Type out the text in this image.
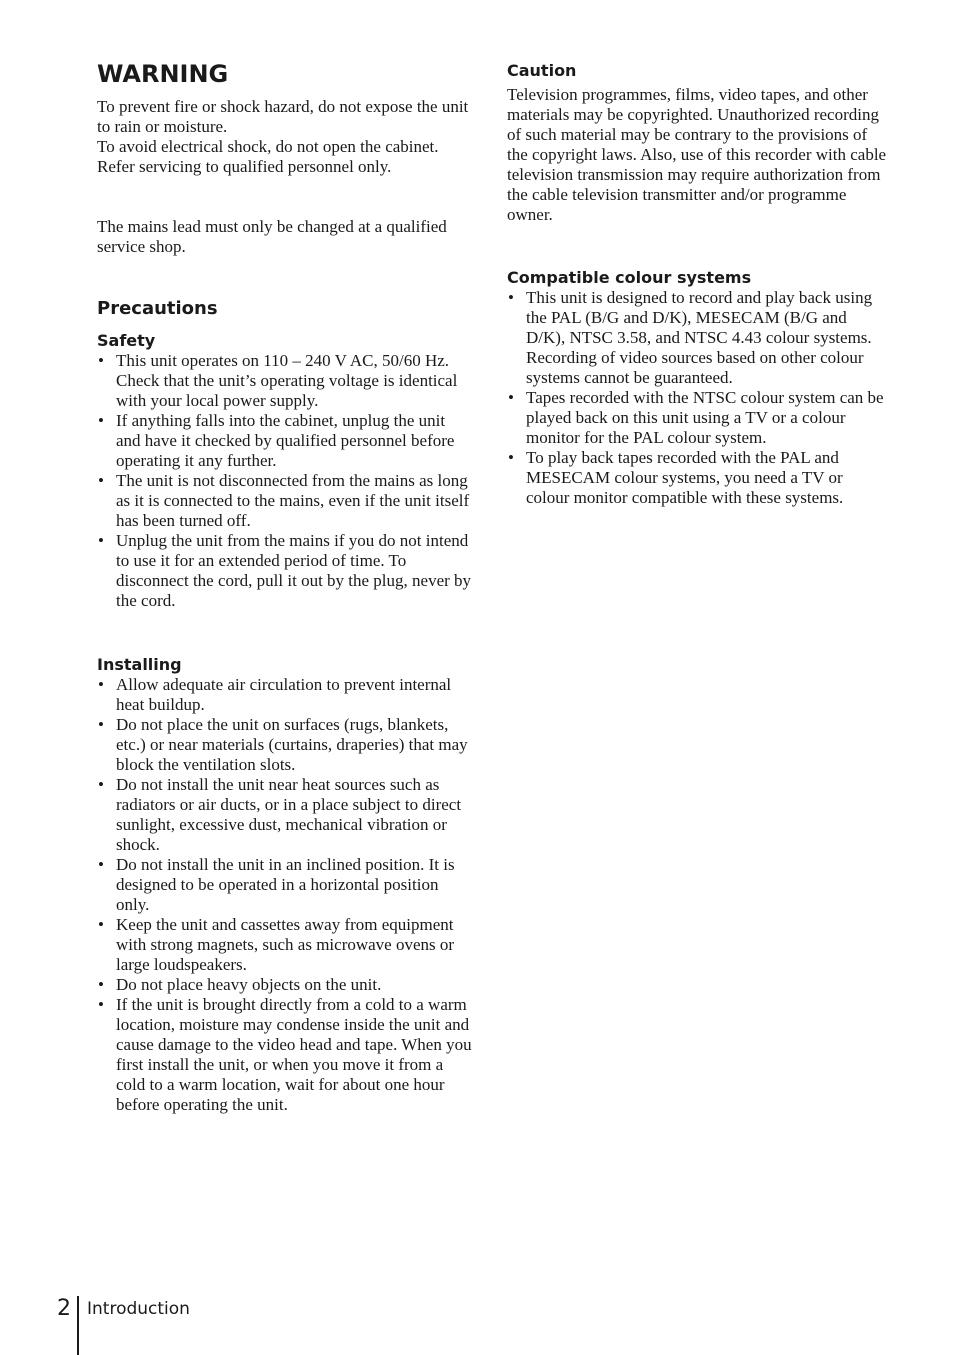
WARNING

To prevent fire or shock hazard, do not expose the unit to rain or moisture.

To avoid electrical shock, do not open the cabinet. Refer servicing to qualified personnel only.

The mains lead must only be changed at a qualified service shop.

Precautions
Safety
• This unit operates on 110 – 240 V AC, 50/60 Hz. Check that the unit’s operating voltage is identical with your local power supply.
• If anything falls into the cabinet, unplug the unit and have it checked by qualified personnel before operating it any further.
• The unit is not disconnected from the mains as long as it is connected to the mains, even if the unit itself has been turned off.
• Unplug the unit from the mains if you do not intend to use it for an extended period of time. To disconnect the cord, pull it out by the plug, never by the cord.
Installing
• Allow adequate air circulation to prevent internal heat buildup.
• Do not place the unit on surfaces (rugs, blankets, etc.) or near materials (curtains, draperies) that may block the ventilation slots.
• Do not install the unit near heat sources such as radiators or air ducts, or in a place subject to direct sunlight, excessive dust, mechanical vibration or shock.
• Do not install the unit in an inclined position. It is designed to be operated in a horizontal position only.
• Keep the unit and cassettes away from equipment with strong magnets, such as microwave ovens or large loudspeakers.
• Do not place heavy objects on the unit.
• If the unit is brought directly from a cold to a warm location, moisture may condense inside the unit and cause damage to the video head and tape. When you first install the unit, or when you move it from a cold to a warm location, wait for about one hour before operating the unit.
Caution

Television programmes, films, video tapes, and other materials may be copyrighted. Unauthorized recording of such material may be contrary to the provisions of the copyright laws. Also, use of this recorder with cable television transmission may require authorization from the cable television transmitter and/or programme owner.

Compatible colour systems
• This unit is designed to record and play back using the PAL (B/G and D/K), MESECAM (B/G and D/K), NTSC 3.58, and NTSC 4.43 colour systems. Recording of video sources based on other colour systems cannot be guaranteed.
• Tapes recorded with the NTSC colour system can be played back on this unit using a TV or a colour monitor for the PAL colour system.
• To play back tapes recorded with the PAL and MESECAM colour systems, you need a TV or colour monitor compatible with these systems.
2 Introduction
